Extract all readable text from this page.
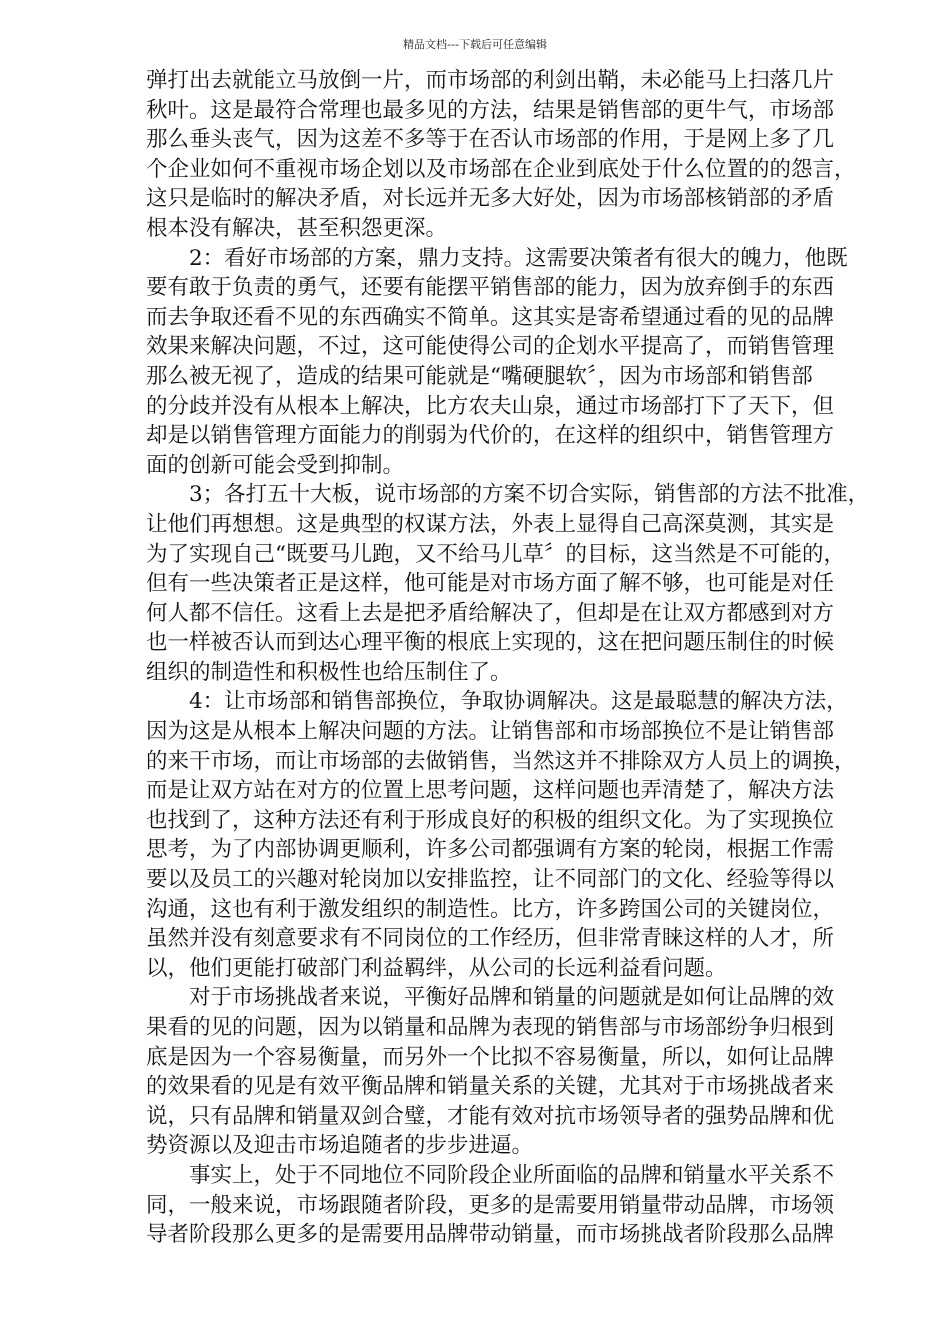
精品文档---下载后可任意编辑
弹打出去就能立马放倒一片，而市场部的利剑出鞘，未必能马上扫落几片
秋叶。这是最符合常理也最多见的方法，结果是销售部的更牛气，市场部
那么垂头丧气，因为这差不多等于在否认市场部的作用，于是网上多了几
个企业如何不重视市场企划以及市场部在企业到底处于什么位置的的怨言，
这只是临时的解决矛盾，对长远并无多大好处，因为市场部核销部的矛盾
根本没有解决，甚至积怨更深。
2：看好市场部的方案，鼎力支持。这需要决策者有很大的魄力，他既
要有敢于负责的勇气，还要有能摆平销售部的能力，因为放弃倒手的东西
而去争取还看不见的东西确实不简单。这其实是寄希望通过看的见的品牌
效果来解决问题，不过，这可能使得公司的企划水平提高了，而销售管理
那么被无视了，造成的结果可能就是“嘴硬腿软〞，因为市场部和销售部
的分歧并没有从根本上解决，比方农夫山泉，通过市场部打下了天下，但
却是以销售管理方面能力的削弱为代价的，在这样的组织中，销售管理方
面的创新可能会受到抑制。
3；各打五十大板，说市场部的方案不切合实际，销售部的方法不批准，
让他们再想想。这是典型的权谋方法，外表上显得自己高深莫测，其实是
为了实现自己“既要马儿跑，又不给马儿草〞的目标，这当然是不可能的，
但有一些决策者正是这样，他可能是对市场方面了解不够，也可能是对任
何人都不信任。这看上去是把矛盾给解决了，但却是在让双方都感到对方
也一样被否认而到达心理平衡的根底上实现的，这在把问题压制住的时候
组织的制造性和积极性也给压制住了。
4：让市场部和销售部换位，争取协调解决。这是最聪慧的解决方法，
因为这是从根本上解决问题的方法。让销售部和市场部换位不是让销售部
的来干市场，而让市场部的去做销售，当然这并不排除双方人员上的调换，
而是让双方站在对方的位置上思考问题，这样问题也弄清楚了，解决方法
也找到了，这种方法还有利于形成良好的积极的组织文化。为了实现换位
思考，为了内部协调更顺利，许多公司都强调有方案的轮岗，根据工作需
要以及员工的兴趣对轮岗加以安排监控，让不同部门的文化、经验等得以
沟通，这也有利于激发组织的制造性。比方，许多跨国公司的关键岗位，
虽然并没有刻意要求有不同岗位的工作经历，但非常青睐这样的人才，所
以，他们更能打破部门利益羁绊，从公司的长远利益看问题。
对于市场挑战者来说，平衡好品牌和销量的问题就是如何让品牌的效
果看的见的问题，因为以销量和品牌为表现的销售部与市场部纷争归根到
底是因为一个容易衡量，而另外一个比拟不容易衡量，所以，如何让品牌
的效果看的见是有效平衡品牌和销量关系的关键，尤其对于市场挑战者来
说，只有品牌和销量双剑合璧，才能有效对抗市场领导者的强势品牌和优
势资源以及迎击市场追随者的步步进逼。
事实上，处于不同地位不同阶段企业所面临的品牌和销量水平关系不
同，一般来说，市场跟随者阶段，更多的是需要用销量带动品牌，市场领
导者阶段那么更多的是需要用品牌带动销量，而市场挑战者阶段那么品牌
